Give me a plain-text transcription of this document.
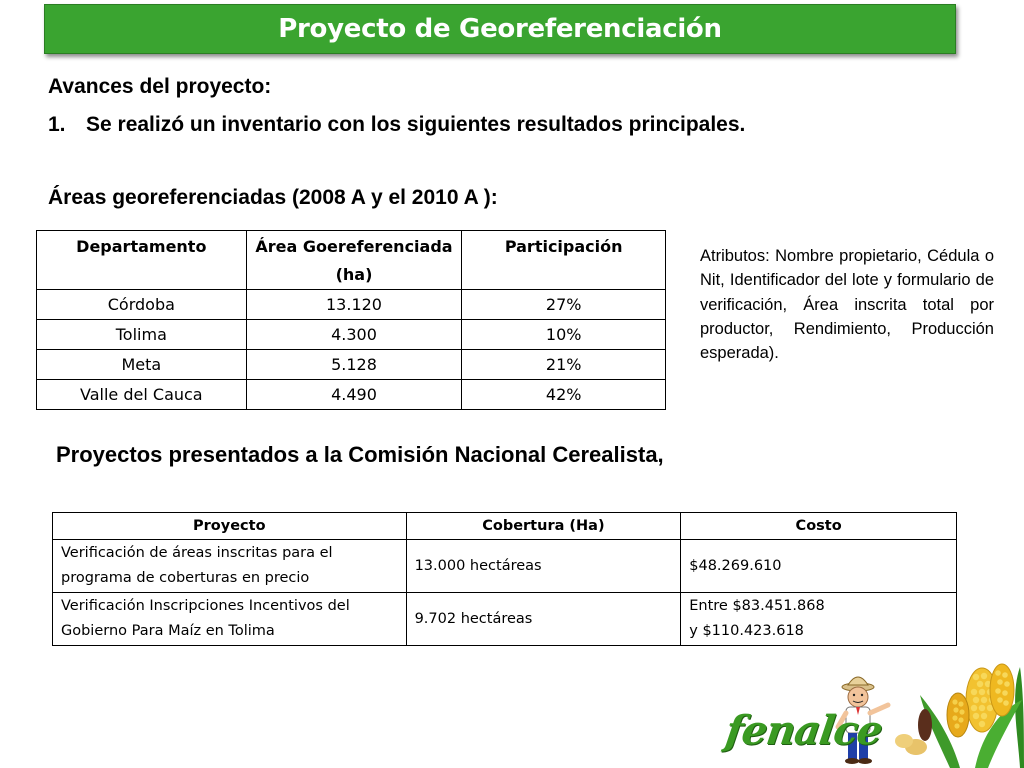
Proyecto de Georeferenciación
Avances del proyecto:
1. Se realizó un inventario con los siguientes resultados principales.
Áreas georeferenciadas (2008 A y el 2010 A ):
Departamento	Área Goereferenciada (ha)	Participación
Córdoba	13.120	27%
Tolima	4.300	10%
Meta	5.128	21%
Valle del Cauca	4.490	42%
Atributos: Nombre propietario, Cédula o Nit, Identificador del lote y formulario de verificación, Área inscrita total por productor, Rendimiento, Producción esperada).
Proyectos presentados a la Comisión Nacional Cerealista,
Proyecto	Cobertura (Ha)	Costo

Verificación de áreas inscritas para el
programa de coberturas en precio	13.000 hectáreas	$48.269.610

Verificación Inscripciones Incentivos del
Gobierno Para Maíz en Tolima	9.702 hectáreas	Entre $83.451.868
y $110.423.618
fenalce
